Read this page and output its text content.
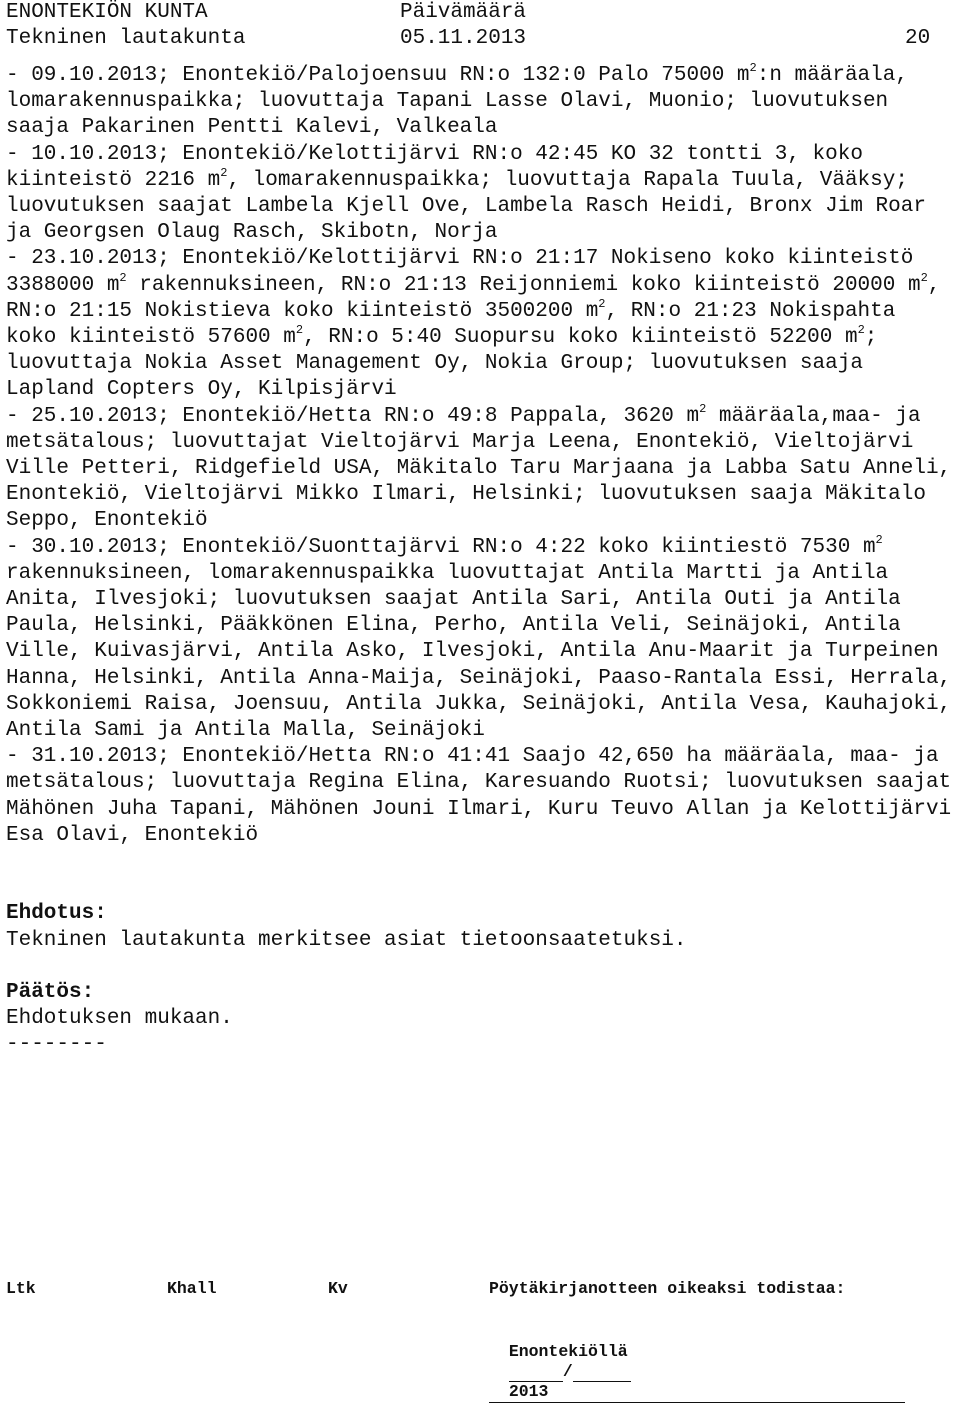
ENONTEKIÖN KUNTA	Päivämäärä
Tekninen lautakunta	05.11.2013	20

- 09.10.2013; Enontekiö/Palojoensuu RN:o 132:0 Palo 75000 $m^2:n$ määräala, lomarakennuspaikka; luovuttaja Tapani Lasse Olavi, Muonio; luovutuksen saaja Pakarinen Pentti Kalevi, Valkeala

- 10.10.2013; Enontekiö/Kelottijärvi RN:o 42:45 KO 32 tontti 3, koko kiinteistö 2216 $m^2$, lomarakennuspaikka; luovuttaja Rapala Tuula, Vääksy; luovutuksen saajat Lambela Kjell Ove, Lambela Rasch Heidi, Bronx Jim Roar ja Georgsen Olaug Rasch, Skibotn, Norja

- 23.10.2013; Enontekiö/Kelottijärvi RN:o 21:17 Nokiseno koko kiinteistö 3388000 $m^2$ rakennuksineen, RN:o 21:13 Reijonniemi koko kiinteistö 20000 $m^2$, RN:o 21:15 Nokistieva koko kiinteistö 3500200 $m^2$, RN:o 21:23 Nokispahta koko kiinteistö 57600 $m^2$, RN:o 5:40 Suopursu koko kiinteistö 52200 $m^2$; luovuttaja Nokia Asset Management Oy, Nokia Group; luovutuksen saaja Lapland Copters Oy, Kilpisjärvi

- 25.10.2013; Enontekiö/Hetta RN:o 49:8 Pappala, 3620 $m^2$ määräala,maa- ja metsätalous; luovuttajat Vieltojärvi Marja Leena, Enontekiö, Vieltojärvi Ville Petteri, Ridgefield USA, Mäkitalo Taru Marjaana ja Labba Satu Anneli, Enontekiö, Vieltojärvi Mikko Ilmari, Helsinki; luovutuksen saaja Mäkitalo Seppo, Enontekiö

- 30.10.2013; Enontekiö/Suonttajärvi RN:o 4:22 koko kiintiestö 7530 $m^2$ rakennuksineen, lomarakennuspaikka luovuttajat Antila Martti ja Antila Anita, Ilvesjoki; luovutuksen saajat Antila Sari, Antila Outi ja Antila Paula, Helsinki, Pääkkönen Elina, Perho, Antila Veli, Seinäjoki, Antila Ville, Kuivasjärvi, Antila Asko, Ilvesjoki, Antila Anu-Maarit ja Turpeinen Hanna, Helsinki, Antila Anna-Maija, Seinäjoki, Paaso-Rantala Essi, Herrala, Sokkoniemi Raisa, Joensuu, Antila Jukka, Seinäjoki, Antila Vesa, Kauhajoki, Antila Sami ja Antila Malla, Seinäjoki

- 31.10.2013; Enontekiö/Hetta RN:o 41:41 Saajo 42,650 ha määräala, maa- ja metsätalous; luovuttaja Regina Elina, Karesuando Ruotsi; luovutuksen saajat Mähönen Juha Tapani, Mähönen Jouni Ilmari, Kuru Teuvo Allan ja Kelottijärvi Esa Olavi, Enontekiö

Ehdotus:

Tekninen lautakunta merkitsee asiat tietoonsaatetuksi.

Päätös:

Ehdotuksen mukaan.

--------

Ltk	Khall	Kv	Pöytäkirjanotteen oikeaksi todistaa:

Enontekiöllä
/
2013
